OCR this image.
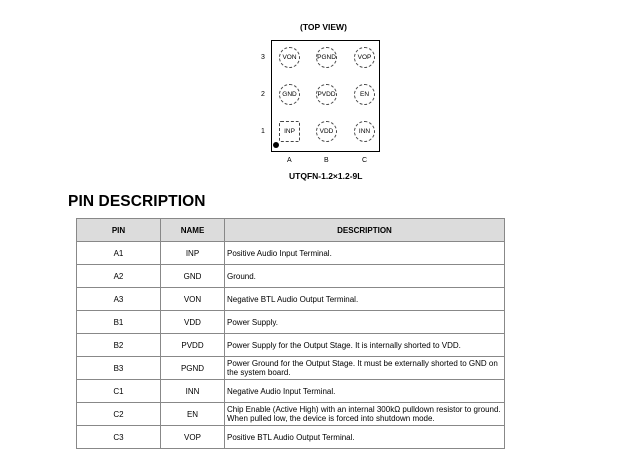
(TOP VIEW)
3
2
1
VON	PGND	VOP
GND	PVDD	EN
INP	VDD	INN
A	B	C
UTQFN-1.2×1.2-9L
PIN DESCRIPTION
PIN	NAME	DESCRIPTION
A1	INP	Positive Audio Input Terminal.
A2	GND	Ground.
A3	VON	Negative BTL Audio Output Terminal.
B1	VDD	Power Supply.
B2	PVDD	Power Supply for the Output Stage. It is internally shorted to VDD.
B3	PGND	Power Ground for the Output Stage. It must be externally shorted to GND on the system board.
C1	INN	Negative Audio Input Terminal.
C2	EN	Chip Enable (Active High) with an internal 300kΩ pulldown resistor to ground. When pulled low, the device is forced into shutdown mode.
C3	VOP	Positive BTL Audio Output Terminal.
